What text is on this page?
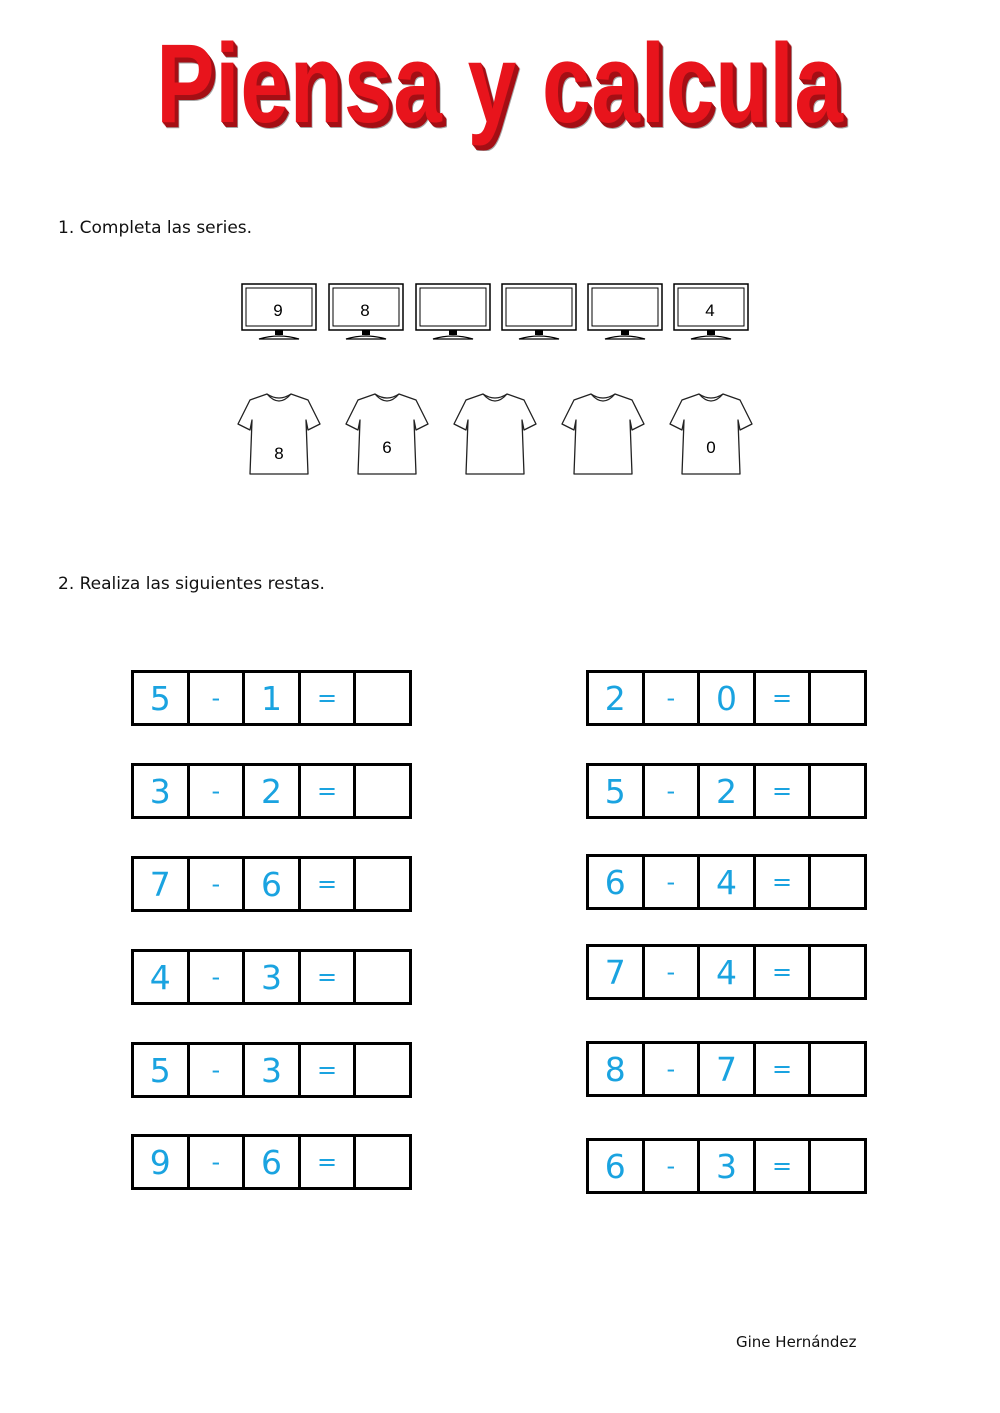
Piensa y calcula
1. Completa las series.
9	8	4
8	6	0
2. Realiza las siguientes restas.
5	-	1	=
3	-	2	=
7	-	6	=
4	-	3	=
5	-	3	=
9	-	6	=
2	-	0	=
5	-	2	=
6	-	4	=
7	-	4	=
8	-	7	=
6	-	3	=
Gine Hernández
